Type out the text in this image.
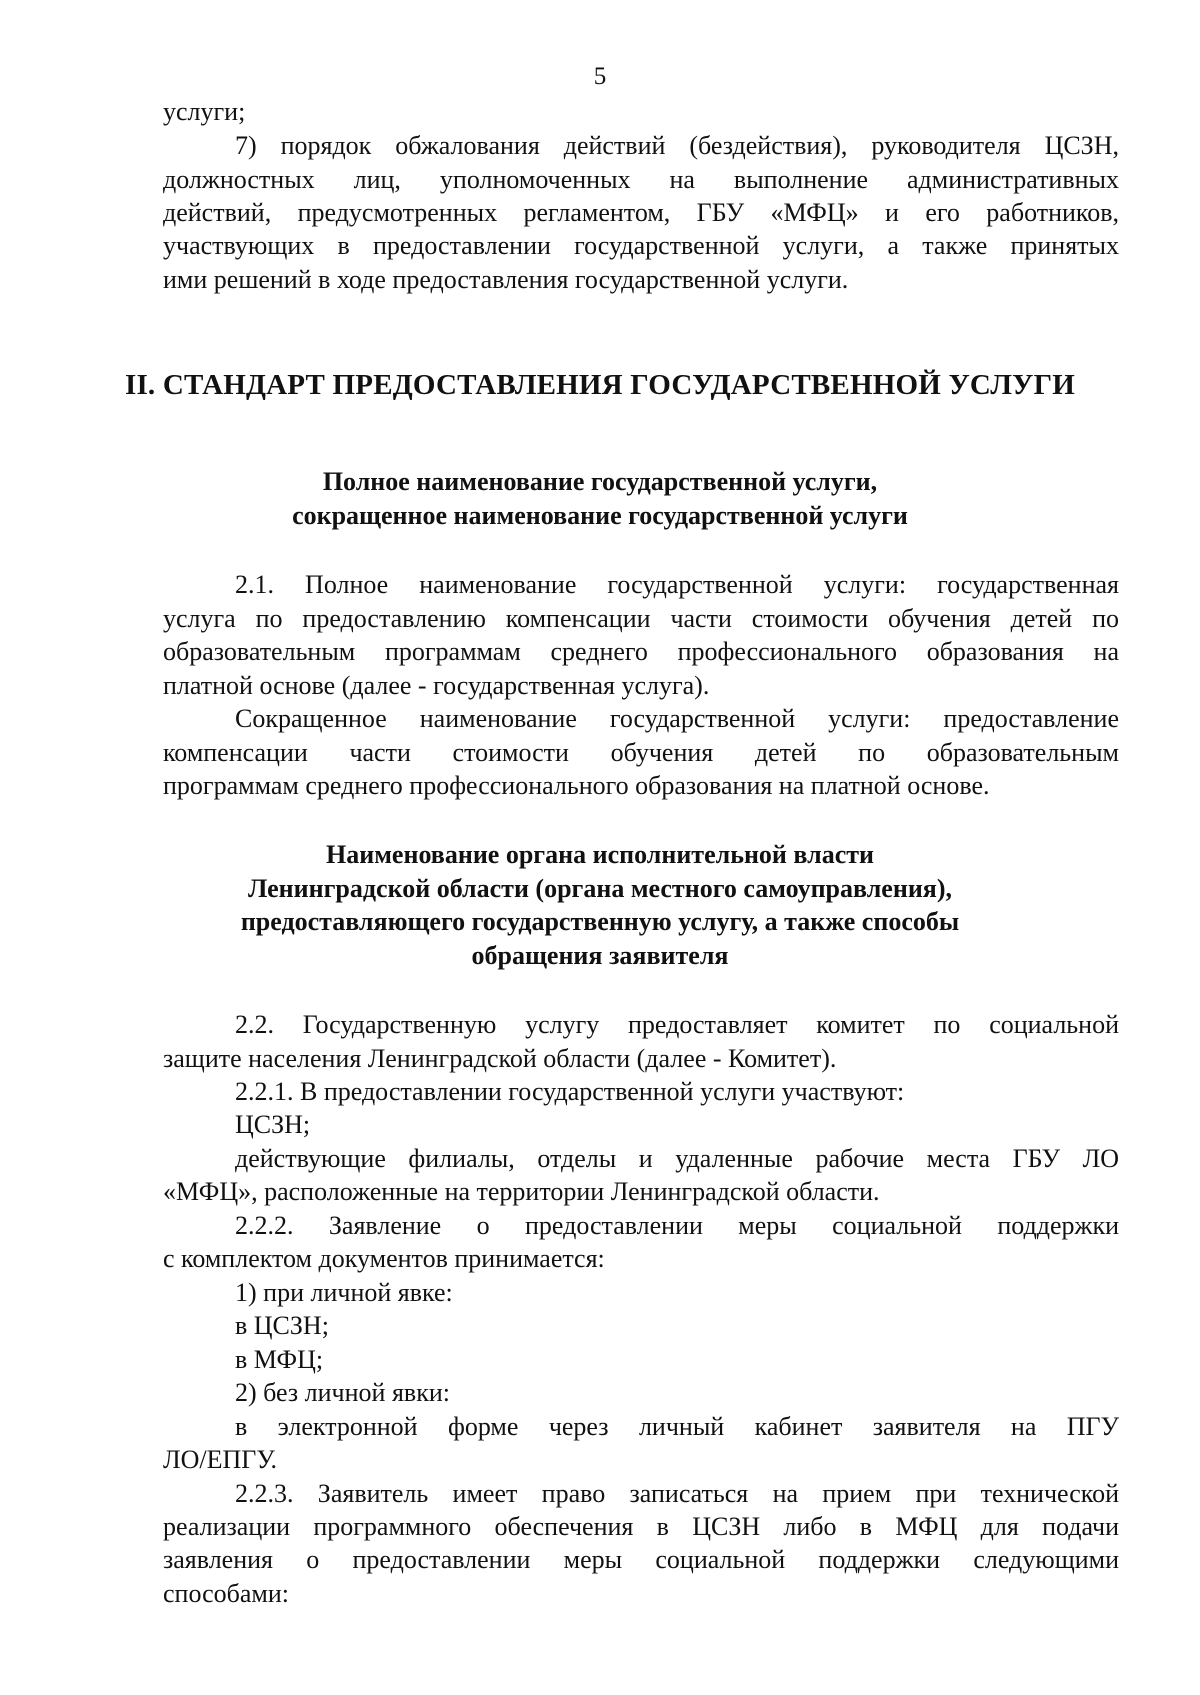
5
услуги;
7) порядок обжалования действий (бездействия), руководителя ЦСЗН,
должностных лиц, уполномоченных на выполнение административных
действий, предусмотренных регламентом, ГБУ «МФЦ» и его работников,
участвующих в предоставлении государственной услуги, а также принятых
ими решений в ходе предоставления государственной услуги.
II. СТАНДАРТ ПРЕДОСТАВЛЕНИЯ ГОСУДАРСТВЕННОЙ УСЛУГИ
Полное наименование государственной услуги,
сокращенное наименование государственной услуги
2.1. Полное наименование государственной услуги: государственная
услуга по предоставлению компенсации части стоимости обучения детей по
образовательным программам среднего профессионального образования на
платной основе (далее - государственная услуга).
Сокращенное наименование государственной услуги: предоставление
компенсации части стоимости обучения детей по образовательным
программам среднего профессионального образования на платной основе.
Наименование органа исполнительной власти
Ленинградской области (органа местного самоуправления),
предоставляющего государственную услугу, а также способы
обращения заявителя
2.2. Государственную услугу предоставляет комитет по социальной
защите населения Ленинградской области (далее - Комитет).
2.2.1. В предоставлении государственной услуги участвуют:
ЦСЗН;
действующие филиалы, отделы и удаленные рабочие места ГБУ ЛО
«МФЦ», расположенные на территории Ленинградской области.
2.2.2. Заявление о предоставлении меры социальной поддержки
с комплектом документов принимается:
1) при личной явке:
в ЦСЗН;
в МФЦ;
2) без личной явки:
в электронной форме через личный кабинет заявителя на ПГУ
ЛО/ЕПГУ.
2.2.3. Заявитель имеет право записаться на прием при технической
реализации программного обеспечения в ЦСЗН либо в МФЦ для подачи
заявления о предоставлении меры социальной поддержки следующими
способами:
